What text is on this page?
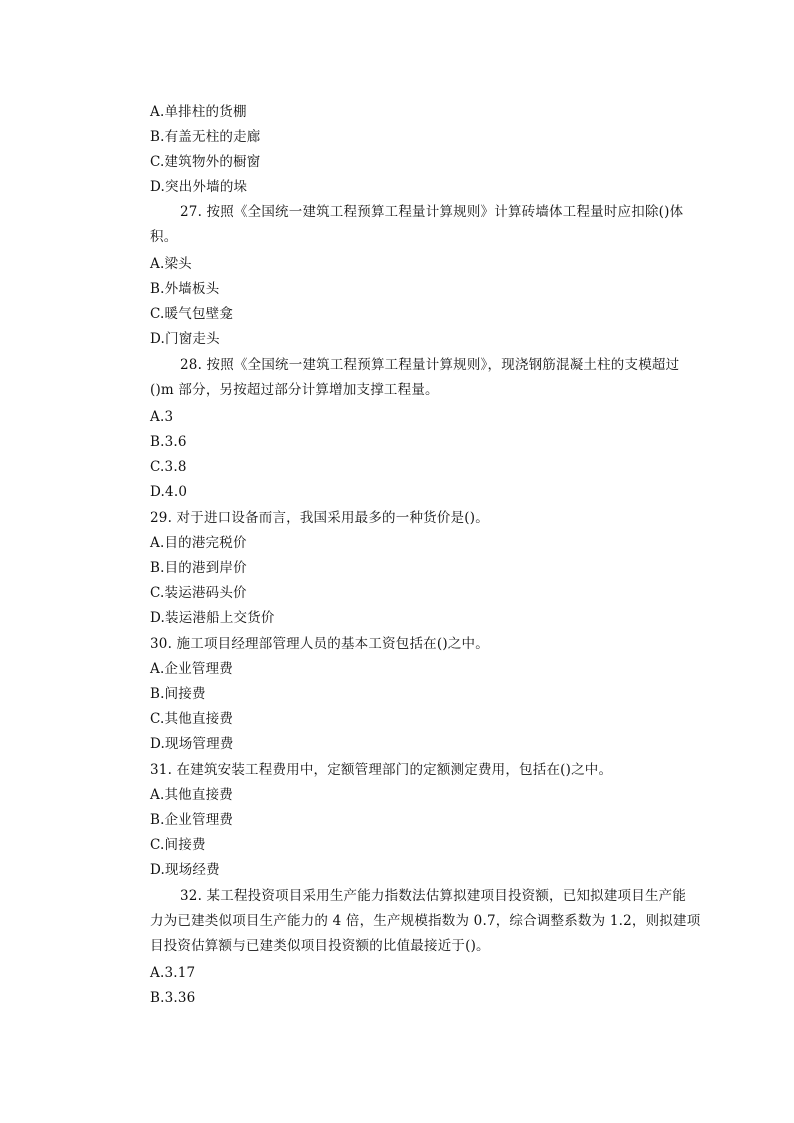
A.单排柱的货棚
B.有盖无柱的走廊
C.建筑物外的橱窗
D.突出外墙的垛
27. 按照《全国统一建筑工程预算工程量计算规则》计算砖墙体工程量时应扣除()体
积。
A.梁头
B.外墙板头
C.暖气包壁龛
D.门窗走头
28. 按照《全国统一建筑工程预算工程量计算规则》，现浇钢筋混凝土柱的支模超过
()m 部分，另按超过部分计算增加支撑工程量。
A.3
B.3.6
C.3.8
D.4.0
29. 对于进口设备而言，我国采用最多的一种货价是()。
A.目的港完税价
B.目的港到岸价
C.装运港码头价
D.装运港船上交货价
30. 施工项目经理部管理人员的基本工资包括在()之中。
A.企业管理费
B.间接费
C.其他直接费
D.现场管理费
31. 在建筑安装工程费用中，定额管理部门的定额测定费用，包括在()之中。
A.其他直接费
B.企业管理费
C.间接费
D.现场经费
32. 某工程投资项目采用生产能力指数法估算拟建项目投资额，已知拟建项目生产能
力为已建类似项目生产能力的 4 倍，生产规模指数为 0.7，综合调整系数为 1.2，则拟建项
目投资估算额与已建类似项目投资额的比值最接近于()。
A.3.17
B.3.36
